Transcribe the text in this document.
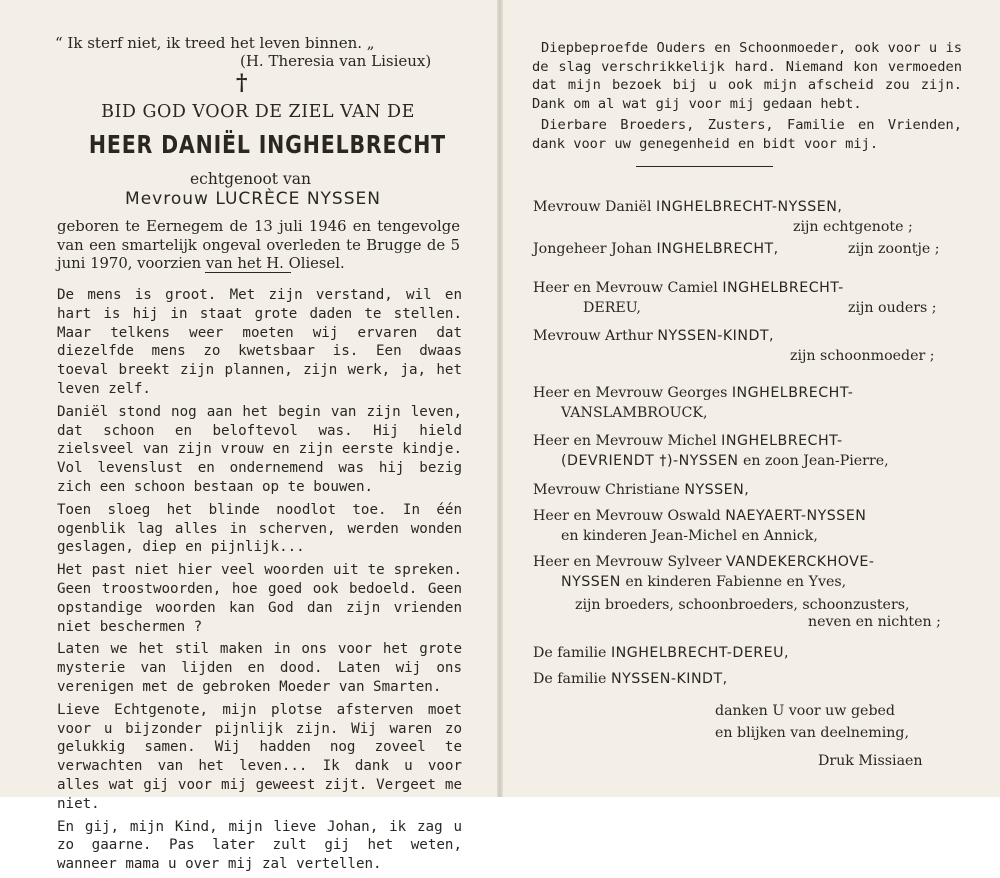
“ Ik sterf niet, ik treed het leven binnen. „
(H. Theresia van Lisieux)
†
BID GOD VOOR DE ZIEL VAN DE
HEER DANIËL INGHELBRECHT
echtgenoot van
Mevrouw LUCRÈCE NYSSEN
geboren te Eernegem de 13 juli 1946 en tengevolge van een smartelijk ongeval overleden te Brugge de 5 juni 1970, voorzien van het H. Oliesel.

De mens is groot. Met zijn verstand, wil en hart is hij in staat grote daden te stellen. Maar telkens weer moeten wij ervaren dat diezelfde mens zo kwetsbaar is. Een dwaas toeval breekt zijn plannen, zijn werk, ja, het leven zelf.

Daniël stond nog aan het begin van zijn leven, dat schoon en beloftevol was. Hij hield zielsveel van zijn vrouw en zijn eerste kindje. Vol levenslust en ondernemend was hij bezig zich een schoon bestaan op te bouwen.

Toen sloeg het blinde noodlot toe. In één ogenblik lag alles in scherven, werden wonden geslagen, diep en pijnlijk...

Het past niet hier veel woorden uit te spreken. Geen troostwoorden, hoe goed ook bedoeld. Geen opstandige woorden kan God dan zijn vrienden niet beschermen ?

Laten we het stil maken in ons voor het grote mysterie van lijden en dood. Laten wij ons verenigen met de gebroken Moeder van Smarten.

Lieve Echtgenote, mijn plotse afsterven moet voor u bijzonder pijnlijk zijn. Wij waren zo gelukkig samen. Wij hadden nog zoveel te verwachten van het leven... Ik dank u voor alles wat gij voor mij geweest zijt. Vergeet me niet.

En gij, mijn Kind, mijn lieve Johan, ik zag u zo gaarne. Pas later zult gij het weten, wanneer mama u over mij zal vertellen.

Diepbeproefde Ouders en Schoonmoeder, ook voor u is de slag verschrikkelijk hard. Niemand kon vermoeden dat mijn bezoek bij u ook mijn afscheid zou zijn. Dank om al wat gij voor mij gedaan hebt.

Dierbare Broeders, Zusters, Familie en Vrienden, dank voor uw genegenheid en bidt voor mij.

Mevrouw Daniël INGHELBRECHT-NYSSEN,
zijn echtgenote ;
Jongeheer Johan INGHELBRECHT,	zijn zoontje ;
Heer en Mevrouw Camiel INGHELBRECHT-
DEREU,	zijn ouders ;
Mevrouw Arthur NYSSEN-KINDT,
zijn schoonmoeder ;
Heer en Mevrouw Georges INGHELBRECHT-
VANSLAMBROUCK,
Heer en Mevrouw Michel INGHELBRECHT-
(DEVRIENDT †)-NYSSEN en zoon Jean-Pierre,
Mevrouw Christiane NYSSEN,
Heer en Mevrouw Oswald NAEYAERT-NYSSEN
en kinderen Jean-Michel en Annick,
Heer en Mevrouw Sylveer VANDEKERCKHOVE-
NYSSEN en kinderen Fabienne en Yves,
zijn broeders, schoonbroeders, schoonzusters,
neven en nichten ;
De familie INGHELBRECHT-DEREU,
De familie NYSSEN-KINDT,
danken U voor uw gebed
en blijken van deelneming,
Druk Missiaen
